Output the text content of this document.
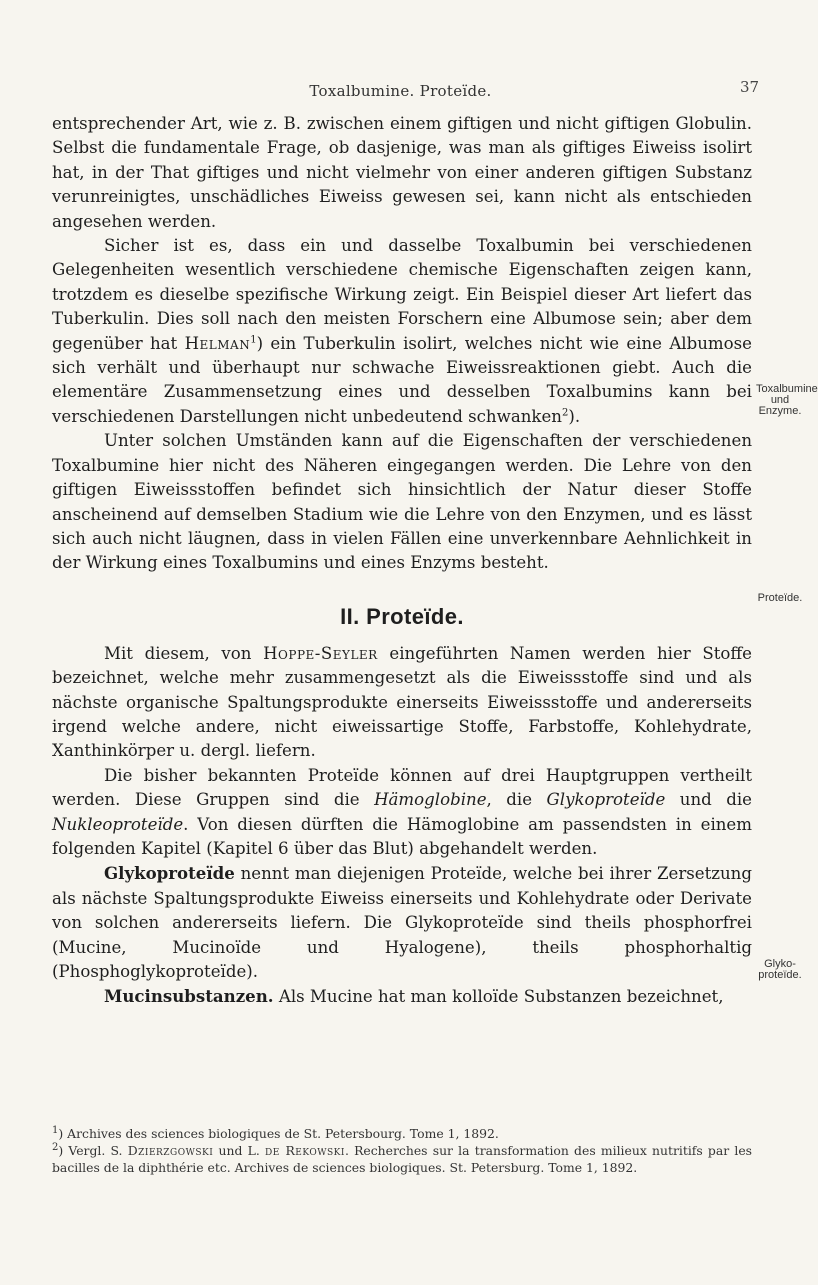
Toxalbumine. Proteïde.	37

entsprechender Art, wie z. B. zwischen einem giftigen und nicht giftigen Globulin. Selbst die fundamentale Frage, ob dasjenige, was man als giftiges Eiweiss isolirt hat, in der That giftiges und nicht vielmehr von einer anderen giftigen Substanz verunreinigtes, unschädliches Eiweiss gewesen sei, kann nicht als entschieden angesehen werden.

Sicher ist es, dass ein und dasselbe Toxalbumin bei verschiedenen Gelegenheiten wesentlich verschiedene chemische Eigenschaften zeigen kann, trotzdem es dieselbe spezifische Wirkung zeigt. Ein Beispiel dieser Art liefert das Tuberkulin. Dies soll nach den meisten Forschern eine Albumose sein; aber dem gegenüber hat Helman$^1$) ein Tuberkulin isolirt, welches nicht wie eine Albumose sich verhält und überhaupt nur schwache Eiweissreaktionen giebt. Auch die elementäre Zusammensetzung eines und desselben Toxalbumins kann bei verschiedenen Darstellungen nicht unbedeutend schwanken$^2$).

Unter solchen Umständen kann auf die Eigenschaften der verschiedenen Toxalbumine hier nicht des Näheren eingegangen werden. Die Lehre von den giftigen Eiweissstoffen befindet sich hinsichtlich der Natur dieser Stoffe anscheinend auf demselben Stadium wie die Lehre von den Enzymen, und es lässt sich auch nicht läugnen, dass in vielen Fällen eine unverkennbare Aehnlichkeit in der Wirkung eines Toxalbumins und eines Enzyms besteht.

II. Proteïde.

Mit diesem, von Hoppe-Seyler eingeführten Namen werden hier Stoffe bezeichnet, welche mehr zusammengesetzt als die Eiweissstoffe sind und als nächste organische Spaltungsprodukte einerseits Eiweissstoffe und andererseits irgend welche andere, nicht eiweissartige Stoffe, Farbstoffe, Kohlehydrate, Xanthinkörper u. dergl. liefern.

Die bisher bekannten Proteïde können auf drei Hauptgruppen vertheilt werden. Diese Gruppen sind die Hämoglobine, die Glykoproteïde und die Nukleoproteïde. Von diesen dürften die Hämoglobine am passendsten in einem folgenden Kapitel (Kapitel 6 über das Blut) abgehandelt werden.

Glykoproteïde nennt man diejenigen Proteïde, welche bei ihrer Zersetzung als nächste Spaltungsprodukte Eiweiss einerseits und Kohlehydrate oder Derivate von solchen andererseits liefern. Die Glykoproteïde sind theils phosphorfrei (Mucine, Mucinoïde und Hyalogene), theils phosphorhaltig (Phosphoglykoproteïde).

Mucinsubstanzen. Als Mucine hat man kolloïde Substanzen bezeichnet,

Toxalbumine
und Enzyme.
Proteïde.
Glyko-
proteïde.

$^1$) Archives des sciences biologiques de St. Petersbourg. Tome 1, 1892.

$^2$) Vergl. S. Dzierzgowski und L. de Rekowski. Recherches sur la transformation des milieux nutritifs par les bacilles de la diphthérie etc. Archives de sciences biologiques. St. Petersburg. Tome 1, 1892.
